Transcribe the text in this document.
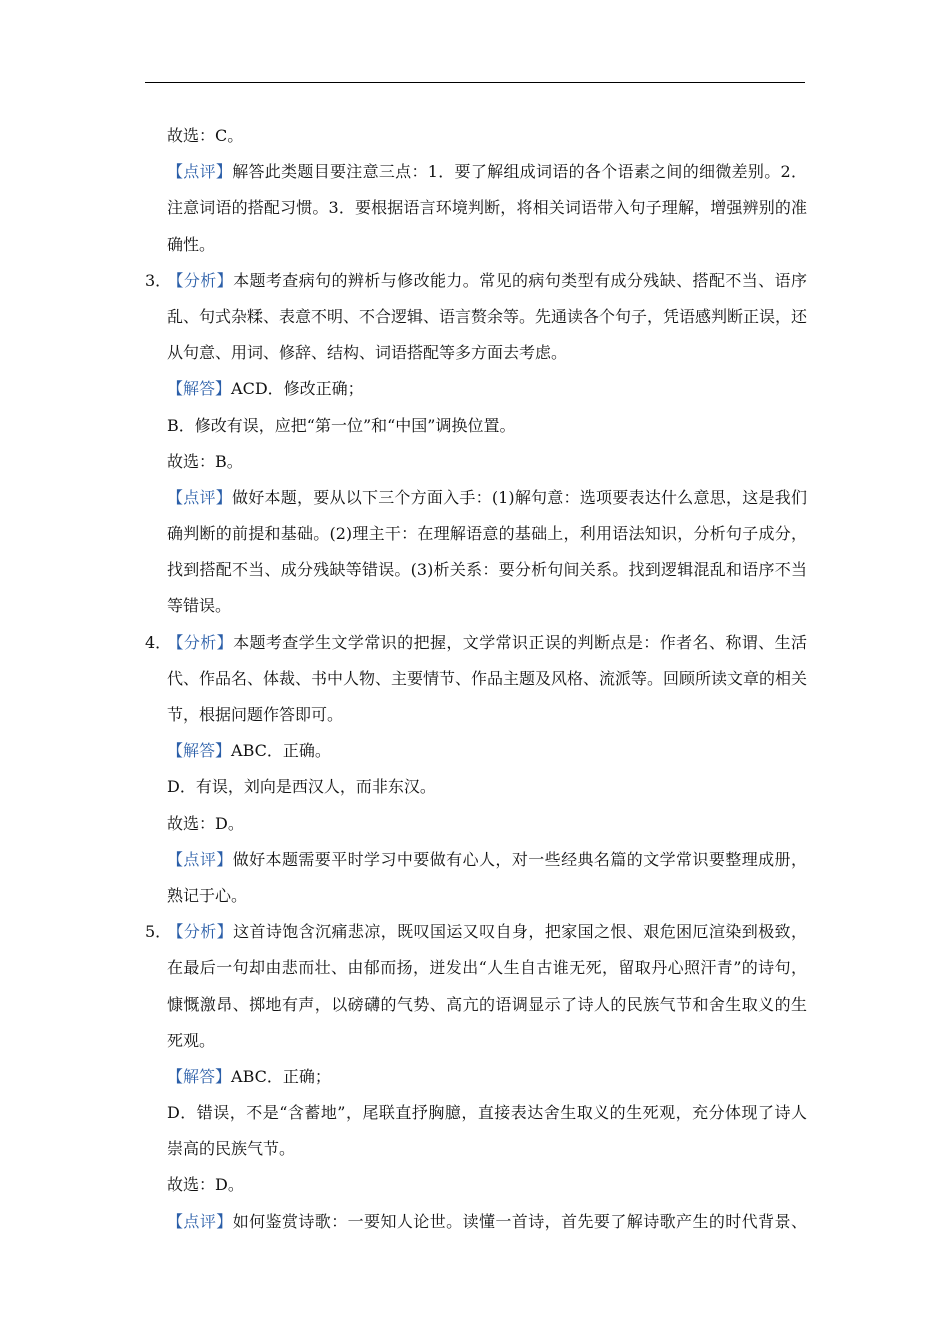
故选：C。
【点评】解答此类题目要注意三点：1．要了解组成词语的各个语素之间的细微差别。2．
注意词语的搭配习惯。3．要根据语言环境判断，将相关词语带入句子理解，增强辨别的准
确性。
3．【分析】本题考查病句的辨析与修改能力。常见的病句类型有成分残缺、搭配不当、语序
乱、句式杂糅、表意不明、不合逻辑、语言赘余等。先通读各个句子，凭语感判断正误，还
从句意、用词、修辞、结构、词语搭配等多方面去考虑。
【解答】ACD．修改正确；
B．修改有误，应把“第一位”和“中国”调换位置。
故选：B。
【点评】做好本题，要从以下三个方面入手：(1)解句意：选项要表达什么意思，这是我们
确判断的前提和基础。(2)理主干：在理解语意的基础上，利用语法知识，分析句子成分，
找到搭配不当、成分残缺等错误。(3)析关系：要分析句间关系。找到逻辑混乱和语序不当
等错误。
4．【分析】本题考查学生文学常识的把握，文学常识正误的判断点是：作者名、称谓、生活
代、作品名、体裁、书中人物、主要情节、作品主题及风格、流派等。回顾所读文章的相关
节，根据问题作答即可。
【解答】ABC．正确。
D．有误，刘向是西汉人，而非东汉。
故选：D。
【点评】做好本题需要平时学习中要做有心人，对一些经典名篇的文学常识要整理成册，
熟记于心。
5．【分析】这首诗饱含沉痛悲凉，既叹国运又叹自身，把家国之恨、艰危困厄渲染到极致，
在最后一句却由悲而壮、由郁而扬，迸发出“人生自古谁无死，留取丹心照汗青”的诗句，
慷慨激昂、掷地有声，以磅礴的气势、高亢的语调显示了诗人的民族气节和舍生取义的生
死观。
【解答】ABC．正确；
D．错误，不是“含蓄地”，尾联直抒胸臆，直接表达舍生取义的生死观，充分体现了诗人
崇高的民族气节。
故选：D。
【点评】如何鉴赏诗歌：一要知人论世。读懂一首诗，首先要了解诗歌产生的时代背景、
